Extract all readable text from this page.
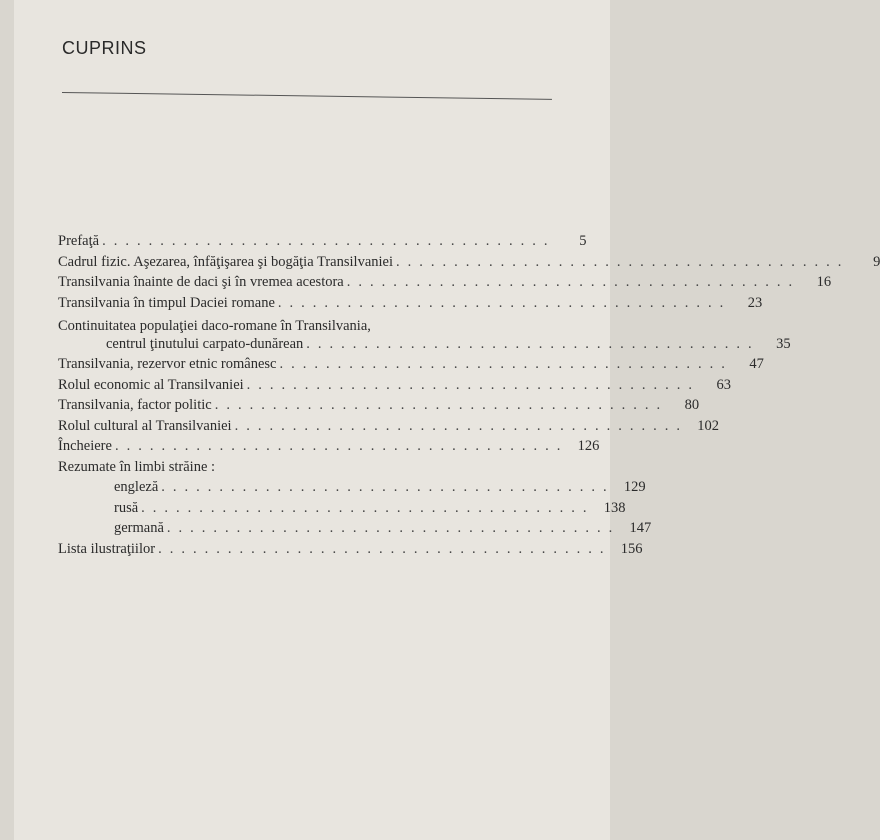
CUPRINS
Prefaţă .......................................	5
Cadrul fizic. Aşezarea, înfăţişarea şi bogăţia Transilvaniei .......................................	9
Transilvania înainte de daci şi în vremea acestora .......................................	16
Transilvania în timpul Daciei romane .......................................	23
Continuitatea populaţiei daco-romane în Transilvania,
centrul ţinutului carpato-dunărean .......................................	35
Transilvania, rezervor etnic românesc .......................................	47
Rolul economic al Transilvaniei .......................................	63
Transilvania, factor politic .......................................	80
Rolul cultural al Transilvaniei ....................................... 102
Încheiere ....................................... 126
Rezumate în limbi străine :
engleză ....................................... 129
rusă ....................................... 138
germană ....................................... 147
Lista ilustraţiilor ....................................... 156
